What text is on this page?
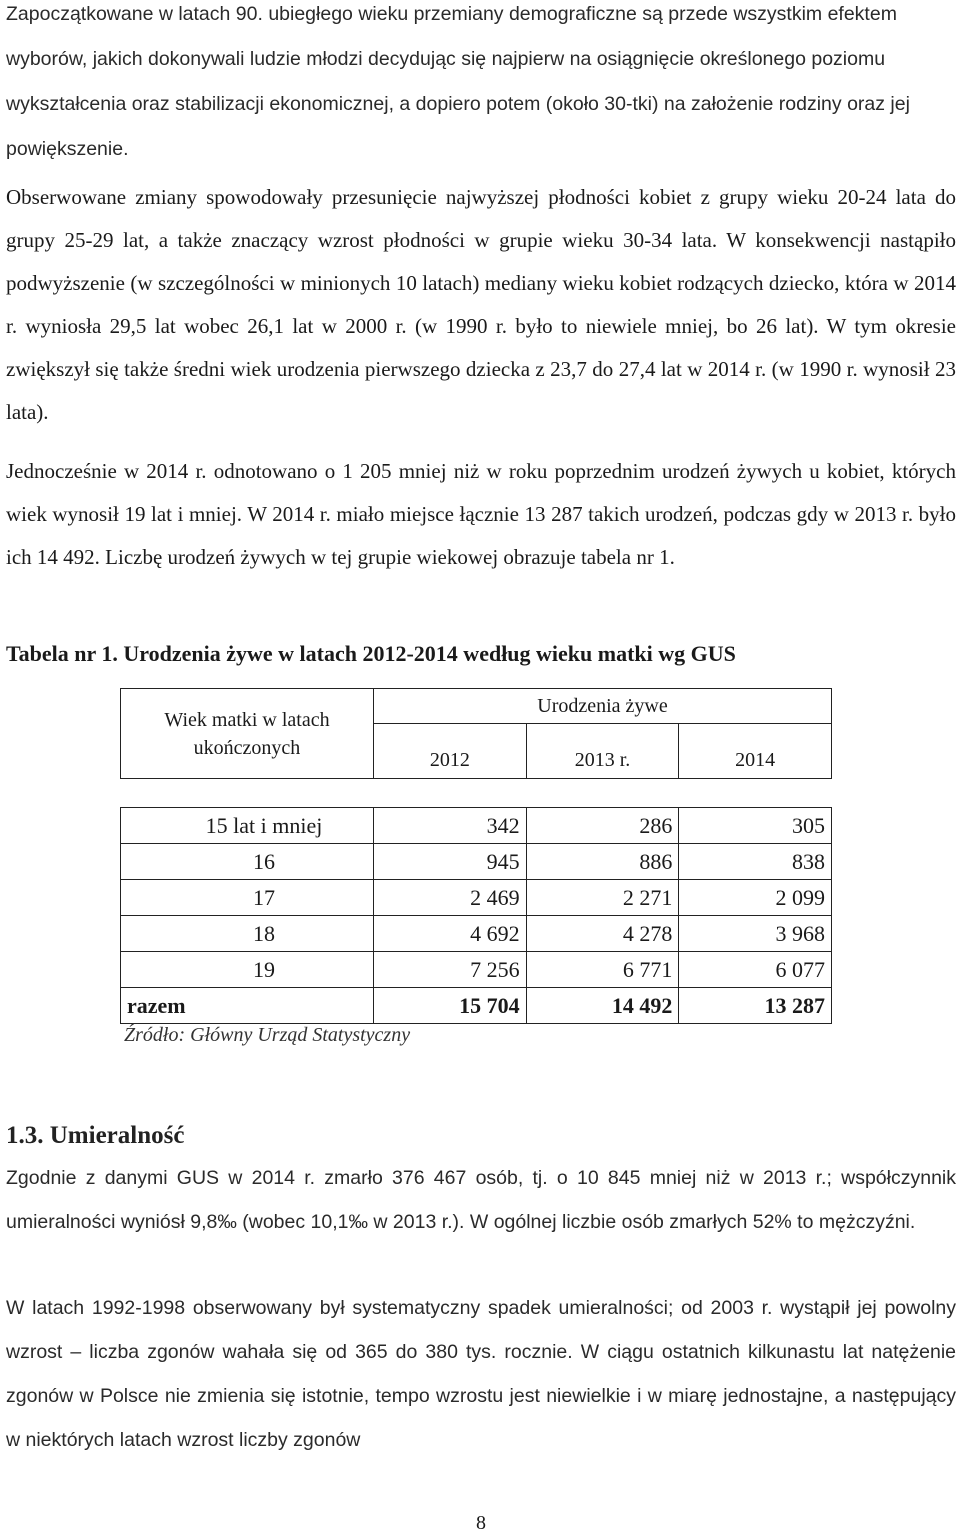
Zapoczątkowane w latach 90. ubiegłego wieku przemiany demograficzne są przede wszystkim efektem wyborów, jakich dokonywali ludzie młodzi decydując się najpierw na osiągnięcie określonego poziomu wykształcenia oraz stabilizacji ekonomicznej, a dopiero potem (około 30-tki) na założenie rodziny oraz jej powiększenie.

Obserwowane zmiany spowodowały przesunięcie najwyższej płodności kobiet z grupy wieku 20-24 lata do grupy 25-29 lat, a także znaczący wzrost płodności w grupie wieku 30-34 lata. W konsekwencji nastąpiło podwyższenie (w szczególności w minionych 10 latach) mediany wieku kobiet rodzących dziecko, która w 2014 r. wyniosła 29,5 lat wobec 26,1 lat w 2000 r. (w 1990 r. było to niewiele mniej, bo 26 lat). W tym okresie zwiększył się także średni wiek urodzenia pierwszego dziecka z 23,7 do 27,4 lat w 2014 r. (w 1990 r. wynosił 23 lata).

Jednocześnie w 2014 r. odnotowano o 1 205 mniej niż w roku poprzednim urodzeń żywych u kobiet, których wiek wynosił 19 lat i mniej. W 2014 r. miało miejsce łącznie 13 287 takich urodzeń, podczas gdy w 2013 r. było ich 14 492. Liczbę urodzeń żywych w tej grupie wiekowej obrazuje tabela nr 1.

Tabela nr 1. Urodzenia żywe w latach 2012-2014 według wieku matki wg GUS

Wiek matki w latach ukończonych	Urodzenia żywe		
	2012	2013 r.	2014

15 lat i mniej	342	286	305
16	945	886	838
17	2 469	2 271	2 099
18	4 692	4 278	3 968
19	7 256	6 771	6 077
razem	15 704	14 492	13 287

Źródło: Główny Urząd Statystyczny

1.3. Umieralność

Zgodnie z danymi GUS w 2014 r. zmarło 376 467 osób, tj. o 10 845 mniej niż w 2013 r.; współczynnik umieralności wyniósł 9,8‰ (wobec 10,1‰ w 2013 r.). W ogólnej liczbie osób zmarłych 52% to mężczyźni.

W latach 1992-1998 obserwowany był systematyczny spadek umieralności; od 2003 r. wystąpił jej powolny wzrost – liczba zgonów wahała się od 365 do 380 tys. rocznie. W ciągu ostatnich kilkunastu lat natężenie zgonów w Polsce nie zmienia się istotnie, tempo wzrostu jest niewielkie i w miarę jednostajne, a następujący w niektórych latach wzrost liczby zgonów

8
